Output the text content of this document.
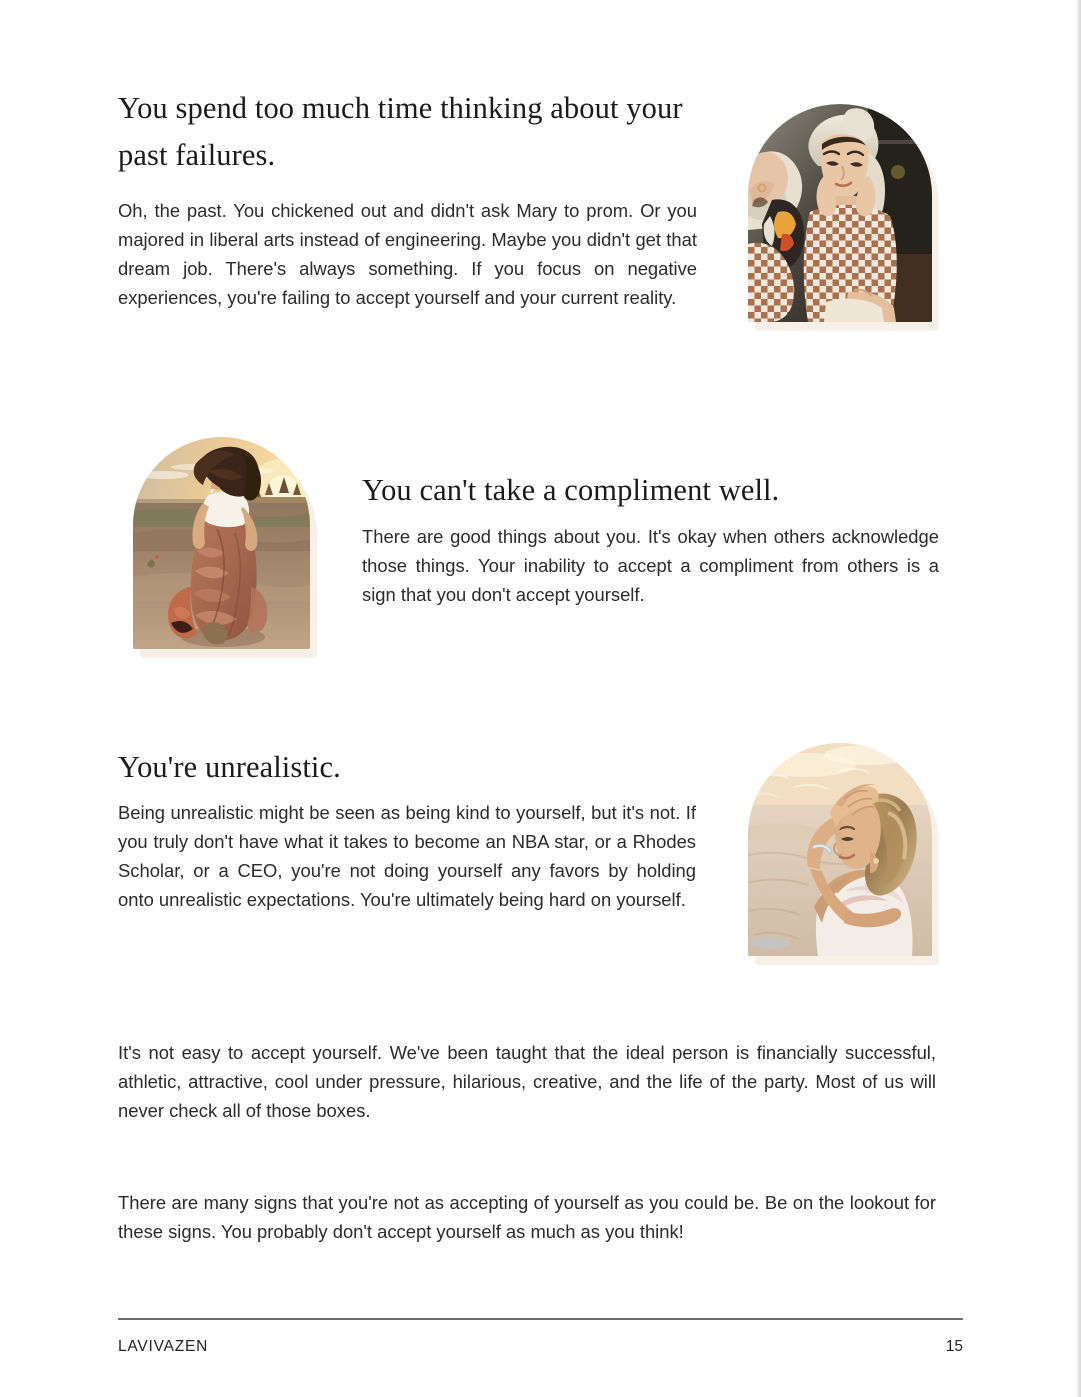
You spend too much time thinking about your past failures.

Oh, the past. You chickened out and didn't ask Mary to prom. Or you majored in liberal arts instead of engineering. Maybe you didn't get that dream job. There's always something. If you focus on negative experiences, you're failing to accept yourself and your current reality.

You can't take a compliment well.

There are good things about you. It's okay when others acknowledge those things. Your inability to accept a compliment from others is a sign that you don't accept yourself.

You're unrealistic.

Being unrealistic might be seen as being kind to yourself, but it's not. If you truly don't have what it takes to become an NBA star, or a Rhodes Scholar, or a CEO, you're not doing yourself any favors by holding onto unrealistic expectations. You're ultimately being hard on yourself.

It's not easy to accept yourself. We've been taught that the ideal person is financially successful, athletic, attractive, cool under pressure, hilarious, creative, and the life of the party. Most of us will never check all of those boxes.

There are many signs that you're not as accepting of yourself as you could be. Be on the lookout for these signs. You probably don't accept yourself as much as you think!

LAVIVAZEN	15
